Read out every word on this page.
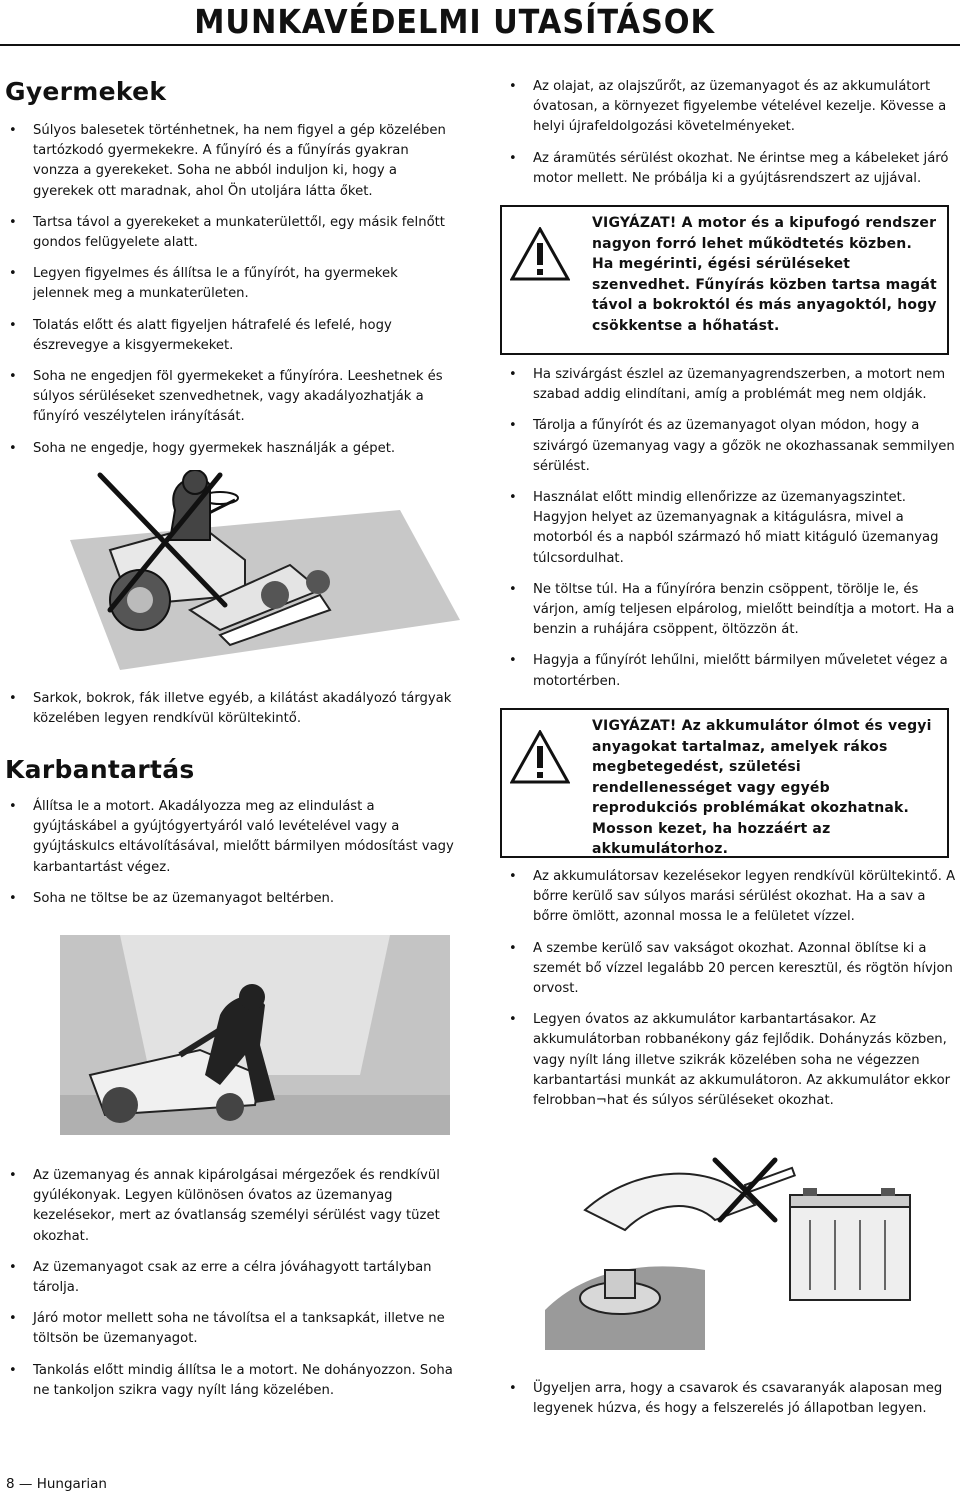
MUNKAVÉDELMI UTASÍTÁSOK
Gyermekek
• Súlyos balesetek történhetnek, ha nem figyel a gép közelében tartózkodó gyermekekre. A fűnyíró és a fűnyírás gyakran vonzza a gyerekeket. Soha ne abból induljon ki, hogy a gyerekek ott maradnak, ahol Ön utoljára látta őket.
• Tartsa távol a gyerekeket a munkaterülettől, egy másik felnőtt gondos felügyelete alatt.
• Legyen figyelmes és állítsa le a fűnyírót, ha gyermekek jelennek meg a munkaterületen.
• Tolatás előtt és alatt figyeljen hátrafelé és lefelé, hogy észrevegye a kisgyermekeket.
• Soha ne engedjen föl gyermekeket a fűnyíróra. Leeshetnek és súlyos sérüléseket szenvedhetnek, vagy akadályozhatják a fűnyíró veszélytelen irányítását.
• Soha ne engedje, hogy gyermekek használják a gépet.
• Sarkok, bokrok, fák illetve egyéb, a kilátást akadályozó tárgyak közelében legyen rendkívül körültekintő.
Karbantartás
• Állítsa le a motort. Akadályozza meg az elindulást a gyújtáskábel a gyújtógyertyáról való levételével vagy a gyújtáskulcs eltávolításával, mielőtt bármilyen módosítást vagy karbantartást végez.
• Soha ne töltse be az üzemanyagot beltérben.
• Az üzemanyag és annak kipárolgásai mérgezőek és rendkívül gyúlékonyak. Legyen különösen óvatos az üzemanyag kezelésekor, mert az óvatlanság személyi sérülést vagy tüzet okozhat.
• Az üzemanyagot csak az erre a célra jóváhagyott tartályban tárolja.
• Járó motor mellett soha ne távolítsa el a tanksapkát, illetve ne töltsön be üzemanyagot.
• Tankolás előtt mindig állítsa le a motort. Ne dohányozzon. Soha ne tankoljon szikra vagy nyílt láng közelében.
• Az olajat, az olajszűrőt, az üzemanyagot és az akkumulátort óvatosan, a környezet figyelembe vételével kezelje. Kövesse a helyi újrafeldolgozási követelményeket.
• Az áramütés sérülést okozhat. Ne érintse meg a kábeleket járó motor mellett. Ne próbálja ki a gyújtásrendszert az ujjával.
VIGYÁZAT! A motor és a kipufogó rendszer nagyon forró lehet működtetés közben. Ha megérinti, égési sérüléseket szenvedhet. Fűnyírás közben tartsa magát távol a bokroktól és más anyagoktól, hogy csökkentse a hőhatást.
• Ha szivárgást észlel az üzemanyagrendszerben, a motort nem szabad addig elindítani, amíg a problémát meg nem oldják.
• Tárolja a fűnyírót és az üzemanyagot olyan módon, hogy a szivárgó üzemanyag vagy a gőzök ne okozhassanak semmilyen sérülést.
• Használat előtt mindig ellenőrizze az üzemanyagszintet. Hagyjon helyet az üzemanyagnak a kitágulásra, mivel a motorból és a napból származó hő miatt kitáguló üzemanyag túlcsordulhat.
• Ne töltse túl. Ha a fűnyíróra benzin csöppent, törölje le, és várjon, amíg teljesen elpárolog, mielőtt beindítja a motort. Ha a benzin a ruhájára csöppent, öltözzön át.
• Hagyja a fűnyírót lehűlni, mielőtt bármilyen műveletet végez a motortérben.
VIGYÁZAT! Az akkumulátor ólmot és vegyi anyagokat tartalmaz, amelyek rákos megbetegedést, születési rendellenességet vagy egyéb reprodukciós problémákat okozhatnak. Mosson kezet, ha hozzáért az akkumulátorhoz.
• Az akkumulátorsav kezelésekor legyen rendkívül körültekintő. A bőrre kerülő sav súlyos marási sérülést okozhat. Ha a sav a bőrre ömlött, azonnal mossa le a felületet vízzel.
• A szembe kerülő sav vakságot okozhat. Azonnal öblítse ki a szemét bő vízzel legalább 20 percen keresztül, és rögtön hívjon orvost.
• Legyen óvatos az akkumulátor karbantartásakor. Az akkumulátorban robbanékony gáz fejlődik. Dohányzás közben, vagy nyílt láng illetve szikrák közelében soha ne végezzen karbantartási munkát az akkumulátoron. Az akkumulátor ekkor felrobban¬hat és súlyos sérüléseket okozhat.
• Ügyeljen arra, hogy a csavarok és csavaranyák alaposan meg legyenek húzva, és hogy a felszerelés jó állapotban legyen.
8 — Hungarian
